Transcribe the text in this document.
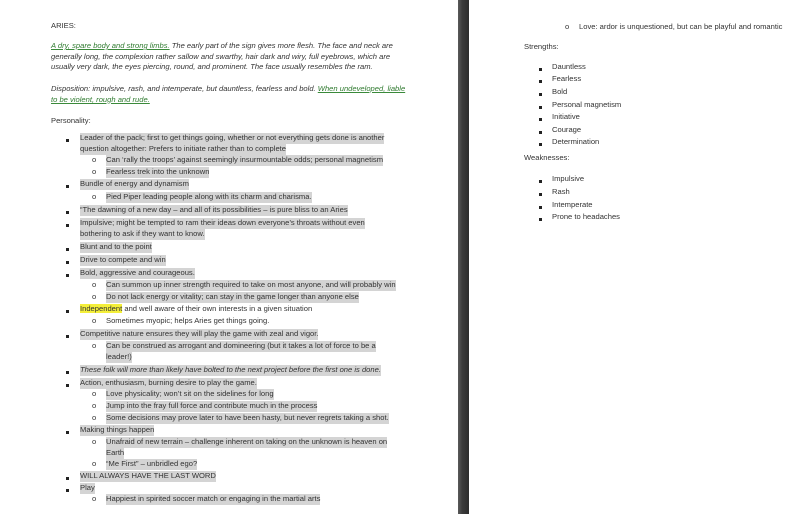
ARIES:
A dry, spare body and strong limbs. The early part of the sign gives more flesh. The face and neck are generally long, the complexion rather sallow and swarthy, hair dark and wiry, full eyebrows, which are usually very dark, the eyes piercing, round, and prominent. The face usually resembles the ram.
Disposition: impulsive, rash, and intemperate, but dauntless, fearless and bold. When undeveloped, liable to be violent, rough and rude.
Personality:
Leader of the pack; first to get things going, whether or not everything gets done is another
question altogether: Prefers to initiate rather than to complete
o
Can ‘rally the troops’ against seemingly insurmountable odds; personal magnetism
o
Fearless trek into the unknown
Bundle of energy and dynamism
o
Pied Piper leading people along with its charm and charisma.
“The dawning of a new day – and all of its possibilities – is pure bliss to an Aries
Impulsive; might be tempted to ram their ideas down everyone’s throats without even
bothering to ask if they want to know.
Blunt and to the point
Drive to compete and win
Bold, aggressive and courageous.
o
Can summon up inner strength required to take on most anyone, and will probably win
o
Do not lack energy or vitality; can stay in the game longer than anyone else
Independent and well aware of their own interests in a given situation
o
Sometimes myopic; helps Aries get things going.
Competitive nature ensures they will play the game with zeal and vigor.
o
Can be construed as arrogant and domineering (but it takes a lot of force to be a
leader!)
These folk will more than likely have bolted to the next project before the first one is done.
Action, enthusiasm, burning desire to play the game.
o
Love physicality; won’t sit on the sidelines for long
o
Jump into the fray full force and contribute much in the process
o
Some decisions may prove later to have been hasty, but never regrets taking a shot.
Making things happen
o
Unafraid of new terrain – challenge inherent on taking on the unknown is heaven on
Earth
o
“Me First” – unbridled ego?
WILL ALWAYS HAVE THE LAST WORD
Play
o
Happiest in spirited soccer match or engaging in the martial arts
o
Love: ardor is unquestioned, but can be playful and romantic
Strengths:
Dauntless
Fearless
Bold
Personal magnetism
Initiative
Courage
Determination
Weaknesses:
Impulsive
Rash
Intemperate
Prone to headaches
